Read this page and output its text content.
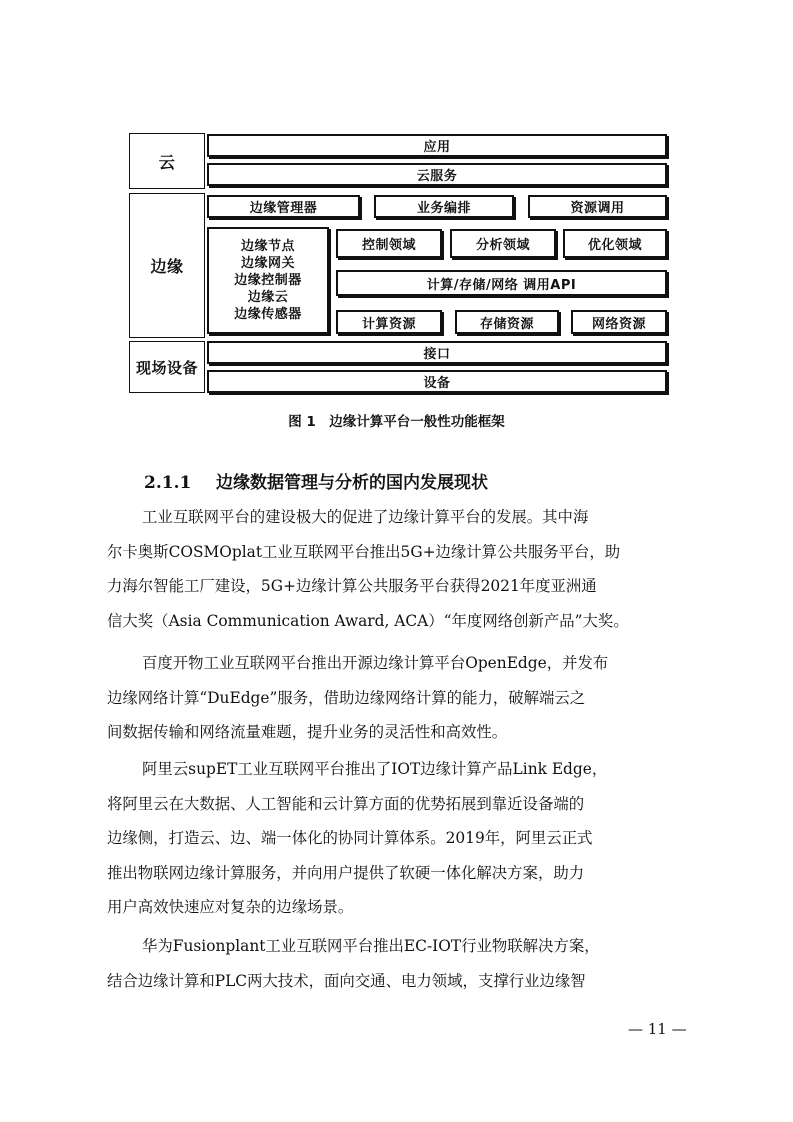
云
应用
云服务
边缘
边缘管理器	业务编排	资源调用
边缘节点
边缘网关
边缘控制器
边缘云
边缘传感器
控制领域	分析领域	优化领域
计算/存储/网络 调用API
计算资源	存储资源	网络资源
现场设备
接口
设备
图 1　边缘计算平台一般性功能框架
2.1.1 边缘数据管理与分析的国内发展现状
工业互联网平台的建设极大的促进了边缘计算平台的发展。其中海
尔卡奥斯COSMOplat工业互联网平台推出5G+边缘计算公共服务平台，助
力海尔智能工厂建设，5G+边缘计算公共服务平台获得2021年度亚洲通
信大奖（Asia Communication Award, ACA）“年度网络创新产品”大奖。
百度开物工业互联网平台推出开源边缘计算平台OpenEdge，并发布
边缘网络计算“DuEdge”服务，借助边缘网络计算的能力，破解端云之
间数据传输和网络流量难题，提升业务的灵活性和高效性。
阿里云supET工业互联网平台推出了IOT边缘计算产品Link Edge，
将阿里云在大数据、人工智能和云计算方面的优势拓展到靠近设备端的
边缘侧，打造云、边、端一体化的协同计算体系。2019年，阿里云正式
推出物联网边缘计算服务，并向用户提供了软硬一体化解决方案，助力
用户高效快速应对复杂的边缘场景。
华为Fusionplant工业互联网平台推出EC-IOT行业物联解决方案，
结合边缘计算和PLC两大技术，面向交通、电力领域，支撑行业边缘智
— 11 —
